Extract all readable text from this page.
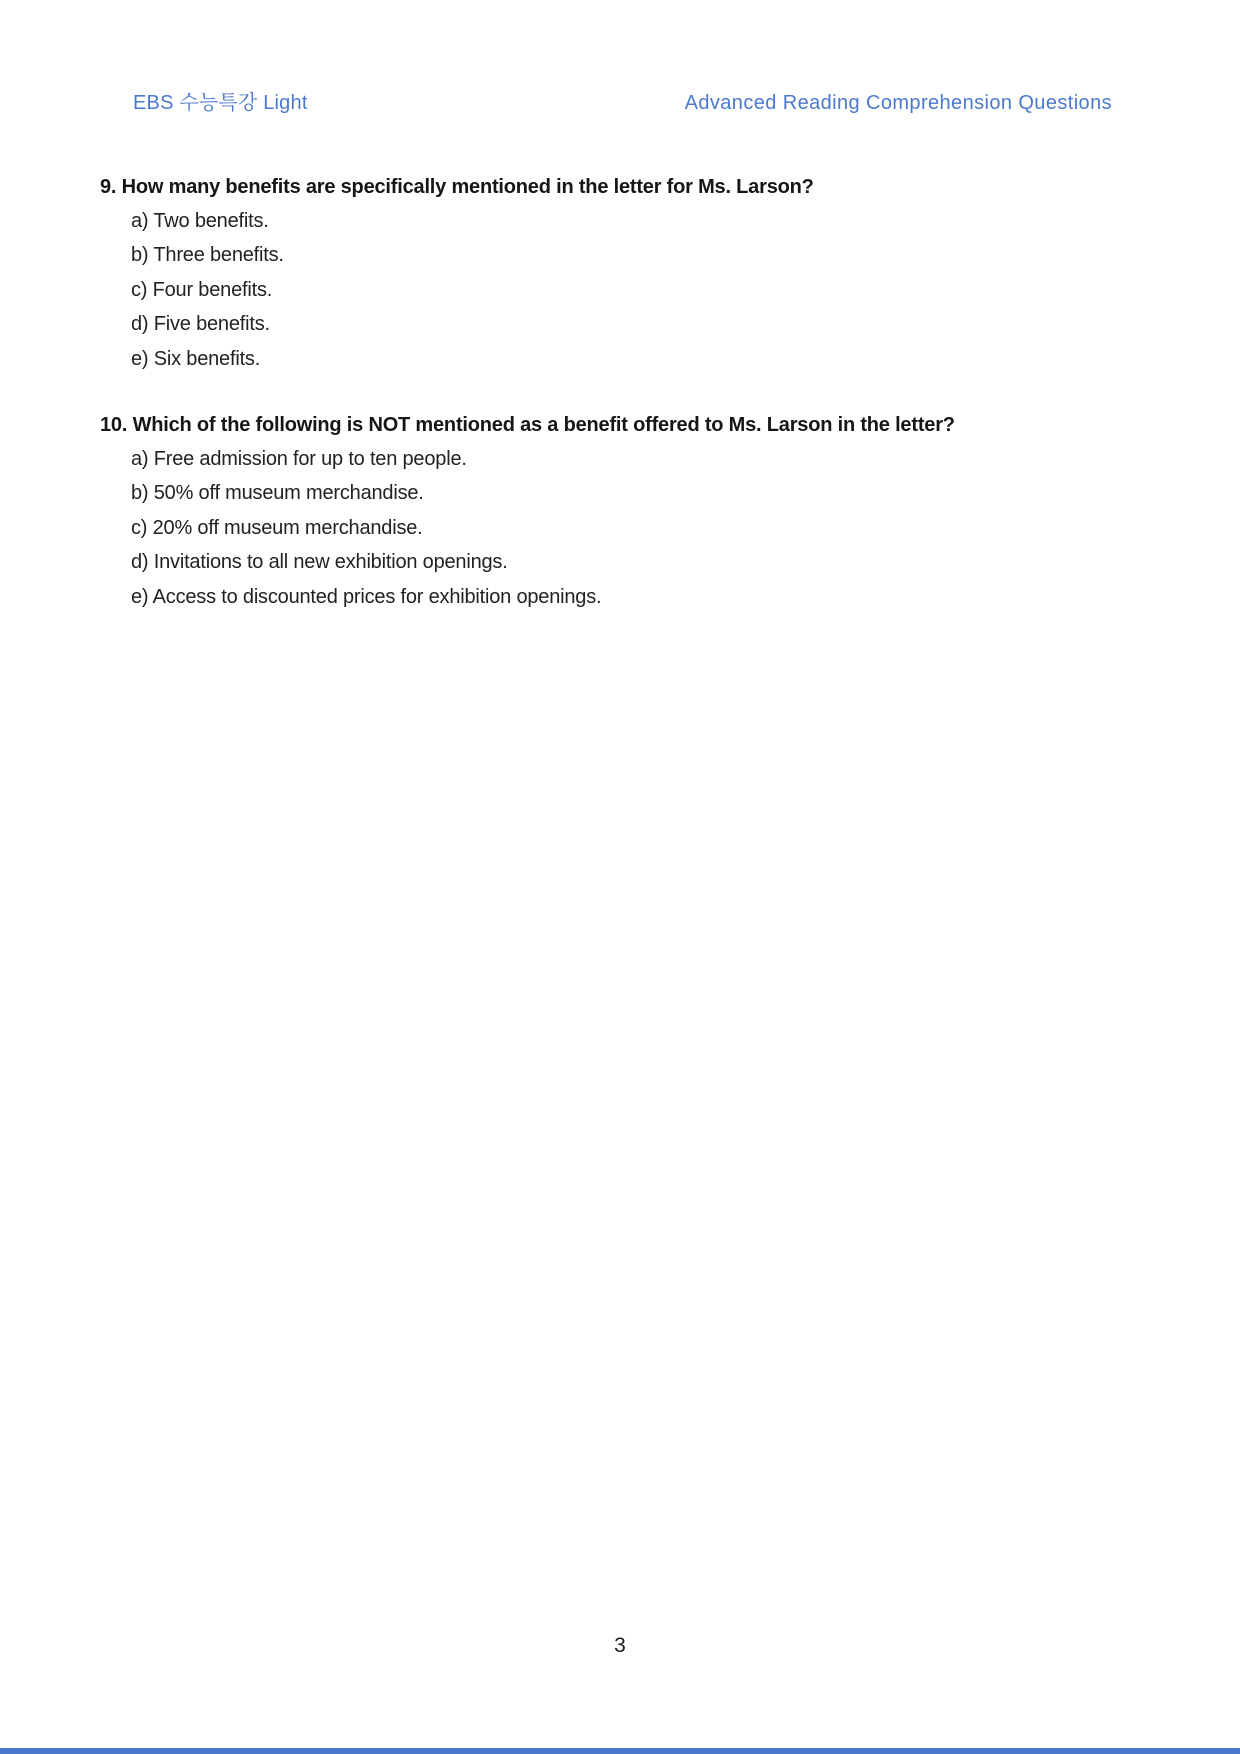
EBS 수능특강 Light	Advanced Reading Comprehension Questions

9. How many benefits are specifically mentioned in the letter for Ms. Larson?

a) Two benefits.
b) Three benefits.
c) Four benefits.
d) Five benefits.
e) Six benefits.

10. Which of the following is NOT mentioned as a benefit offered to Ms. Larson in the letter?

a) Free admission for up to ten people.
b) 50% off museum merchandise.
c) 20% off museum merchandise.
d) Invitations to all new exhibition openings.
e) Access to discounted prices for exhibition openings.
3
